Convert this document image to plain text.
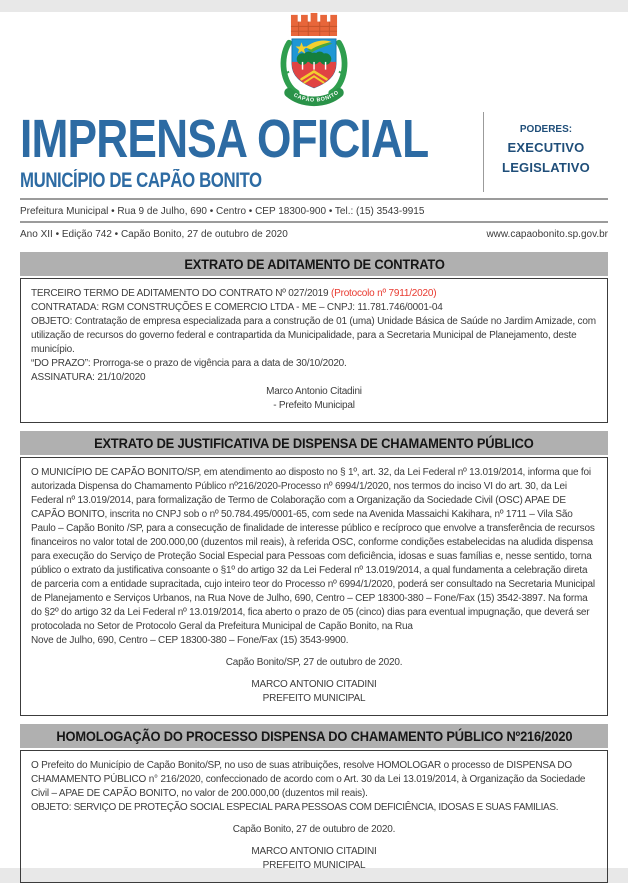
CAPÃO BONITO
IMPRENSA OFICIAL
MUNICÍPIO DE CAPÃO BONITO
PODERES:
EXECUTIVO
LEGISLATIVO
Prefeitura Municipal • Rua 9 de Julho, 690 • Centro • CEP 18300-900 • Tel.: (15) 3543-9915
Ano XII • Edição 742 • Capão Bonito, 27 de outubro de 2020	www.capaobonito.sp.gov.br
EXTRATO DE ADITAMENTO DE CONTRATO

TERCEIRO TERMO DE ADITAMENTO DO CONTRATO Nº 027/2019 (Protocolo nº 7911/2020)

CONTRATADA: RGM CONSTRUÇÕES E COMERCIO LTDA - ME – CNPJ: 11.781.746/0001-04

OBJETO: Contratação de empresa especializada para a construção de 01 (uma) Unidade Básica de Saúde no Jardim Amizade, com utilização de recursos do governo federal e contrapartida da Municipalidade, para a Secretaria Municipal de Planejamento, deste município.

“DO PRAZO”: Prorroga-se o prazo de vigência para a data de 30/10/2020.

ASSINATURA: 21/10/2020

Marco Antonio Citadini

- Prefeito Municipal

EXTRATO DE JUSTIFICATIVA DE DISPENSA DE CHAMAMENTO PÚBLICO

O MUNICÍPIO DE CAPÃO BONITO/SP, em atendimento ao disposto no § 1º, art. 32, da Lei Federal nº 13.019/2014, informa que foi autorizada Dispensa do Chamamento Público nº216/2020-Processo nº 6994/1/2020, nos termos do inciso VI do art. 30, da Lei Federal nº 13.019/2014, para formalização de Termo de Colaboração com a Organização da Sociedade Civil (OSC) APAE DE CAPÃO BONITO, inscrita no CNPJ sob o nº 50.784.495/0001-65, com sede na Avenida Massaichi Kakihara, nº 1711 – Vila São Paulo – Capão Bonito /SP, para a consecução de finalidade de interesse público e recíproco que envolve a transferência de recursos financeiros no valor total de 200.000,00 (duzentos mil reais), à referida OSC, conforme condições estabelecidas na aludida dispensa para execução do Serviço de Proteção Social Especial para Pessoas com deficiência, idosas e suas famílias e, nesse sentido, torna público o extrato da justificativa consoante o §1º do artigo 32 da Lei Federal nº 13.019/2014, a qual fundamenta a celebração direta de parceria com a entidade supracitada, cujo inteiro teor do Processo nº 6994/1/2020, poderá ser consultado na Secretaria Municipal de Planejamento e Serviços Urbanos, na Rua Nove de Julho, 690, Centro – CEP 18300-380 – Fone/Fax (15) 3542-3897. Na forma do §2º do artigo 32 da Lei Federal nº 13.019/2014, fica aberto o prazo de 05 (cinco) dias para eventual impugnação, que deverá ser protocolada no Setor de Protocolo Geral da Prefeitura Municipal de Capão Bonito, na Rua

Nove de Julho, 690, Centro – CEP 18300-380 – Fone/Fax (15) 3543-9900.

Capão Bonito/SP, 27 de outubro de 2020.

MARCO ANTONIO CITADINI

PREFEITO MUNICIPAL

HOMOLOGAÇÃO DO PROCESSO DISPENSA DO CHAMAMENTO PÚBLICO Nº216/2020

O Prefeito do Município de Capão Bonito/SP, no uso de suas atribuições, resolve HOMOLOGAR o processo de DISPENSA DO CHAMAMENTO PÚBLICO n° 216/2020, confeccionado de acordo com o Art. 30 da Lei 13.019/2014, à Organização da Sociedade Civil – APAE DE CAPÃO BONITO, no valor de 200.000,00 (duzentos mil reais).

OBJETO: SERVIÇO DE PROTEÇÃO SOCIAL ESPECIAL PARA PESSOAS COM DEFICIÊNCIA, IDOSAS E SUAS FAMILIAS.

Capão Bonito, 27 de outubro de 2020.

MARCO ANTONIO CITADINI

PREFEITO MUNICIPAL
